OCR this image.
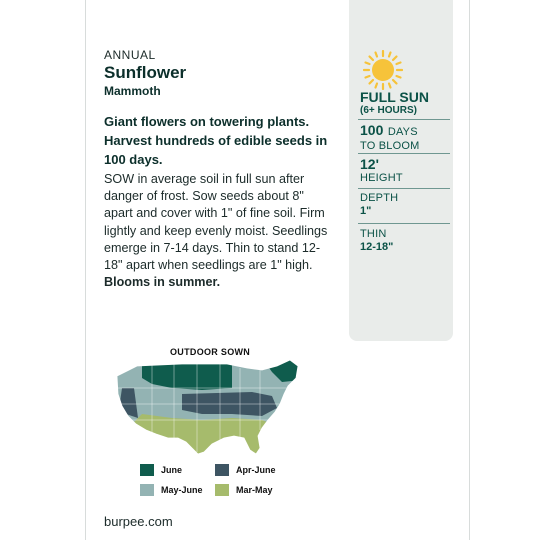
FULL SUN
(6+ HOURS)
100 DAYS
TO BLOOM
12'
HEIGHT
DEPTH
1"
THIN
12-18"
ANNUAL
Sunflower
Mammoth
Giant flowers on towering plants. Harvest hundreds of edible seeds in 100 days.
SOW in average soil in full sun after danger of frost. Sow seeds about 8" apart and cover with 1" of fine soil. Firm lightly and keep evenly moist. Seedlings emerge in 7-14 days. Thin to stand 12-18" apart when seedlings are 1" high. Blooms in summer.
OUTDOOR SOWN
June	Apr-June
May-June	Mar-May
burpee.com
